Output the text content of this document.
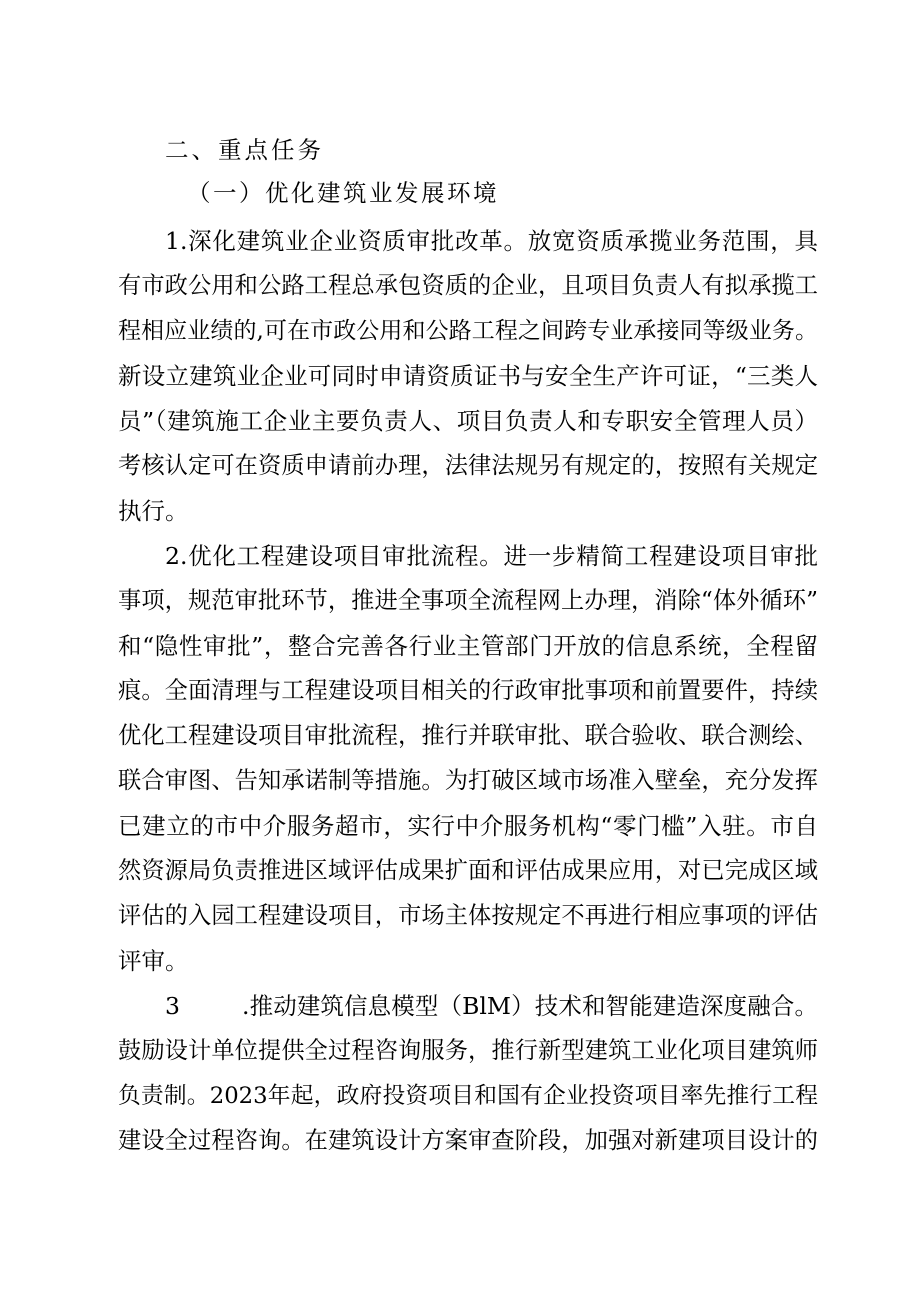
二、重点任务
（一）优化建筑业发展环境
1.深化建筑业企业资质审批改革。放宽资质承揽业务范围，具
有市政公用和公路工程总承包资质的企业，且项目负责人有拟承揽工
程相应业绩的,可在市政公用和公路工程之间跨专业承接同等级业务。
新设立建筑业企业可同时申请资质证书与安全生产许可证，“三类人
员”（建筑施工企业主要负责人、项目负责人和专职安全管理人员）
考核认定可在资质申请前办理，法律法规另有规定的，按照有关规定
执行。
2.优化工程建设项目审批流程。进一步精简工程建设项目审批
事项，规范审批环节，推进全事项全流程网上办理，消除“体外循环”
和“隐性审批”，整合完善各行业主管部门开放的信息系统，全程留
痕。全面清理与工程建设项目相关的行政审批事项和前置要件，持续
优化工程建设项目审批流程，推行并联审批、联合验收、联合测绘、
联合审图、告知承诺制等措施。为打破区域市场准入壁垒，充分发挥
已建立的市中介服务超市，实行中介服务机构“零门槛”入驻。市自
然资源局负责推进区域评估成果扩面和评估成果应用，对已完成区域
评估的入园工程建设项目，市场主体按规定不再进行相应事项的评估
评审。
3	.推动建筑信息模型（BlM）技术和智能建造深度融合。
鼓励设计单位提供全过程咨询服务，推行新型建筑工业化项目建筑师
负责制。2023年起，政府投资项目和国有企业投资项目率先推行工程
建设全过程咨询。在建筑设计方案审查阶段，加强对新建项目设计的
